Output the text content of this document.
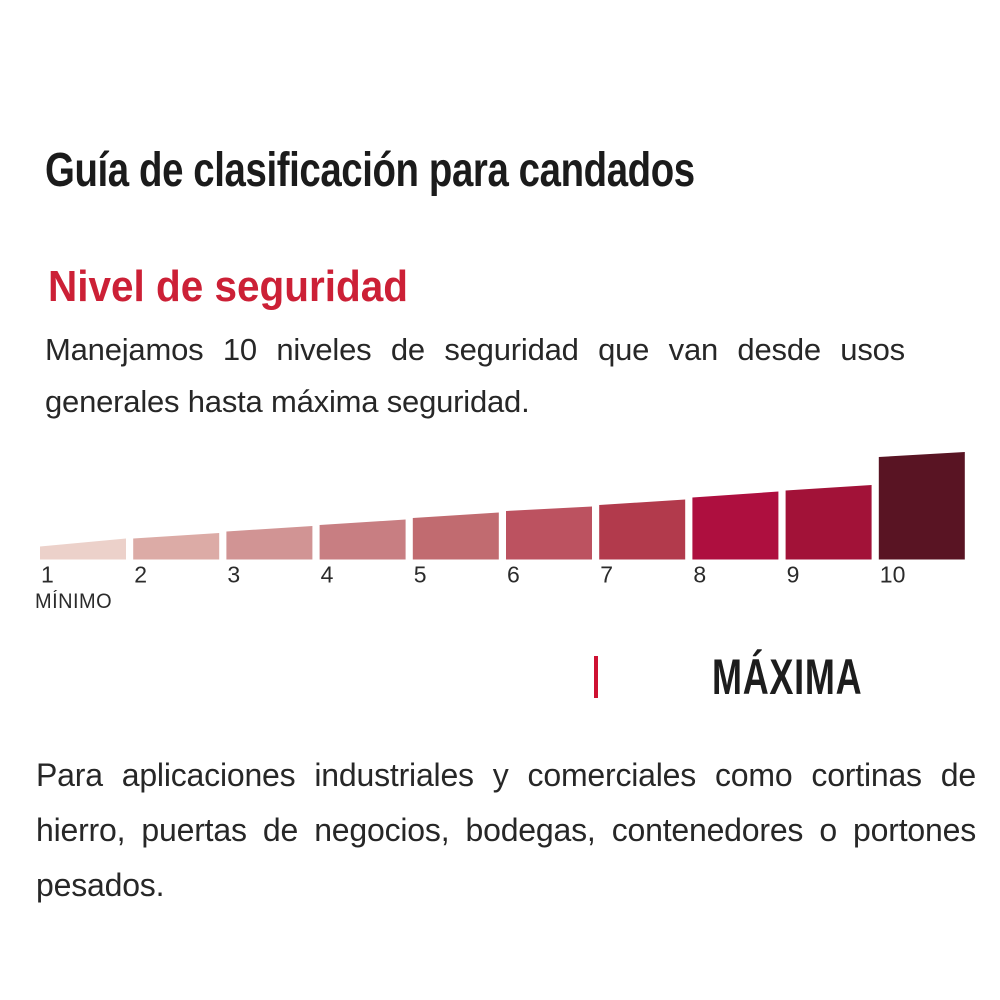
Guía de clasificación para candados
Nivel de seguridad

Manejamos 10 niveles de seguridad que van desde usos generales hasta máxima seguridad.

1	2	3	4	5	6	7	8	9	10
MÍNIMO
MÁXIMA

Para aplicaciones industriales y comerciales como cortinas de hierro, puertas de negocios, bodegas, contenedores o portones pesados.
